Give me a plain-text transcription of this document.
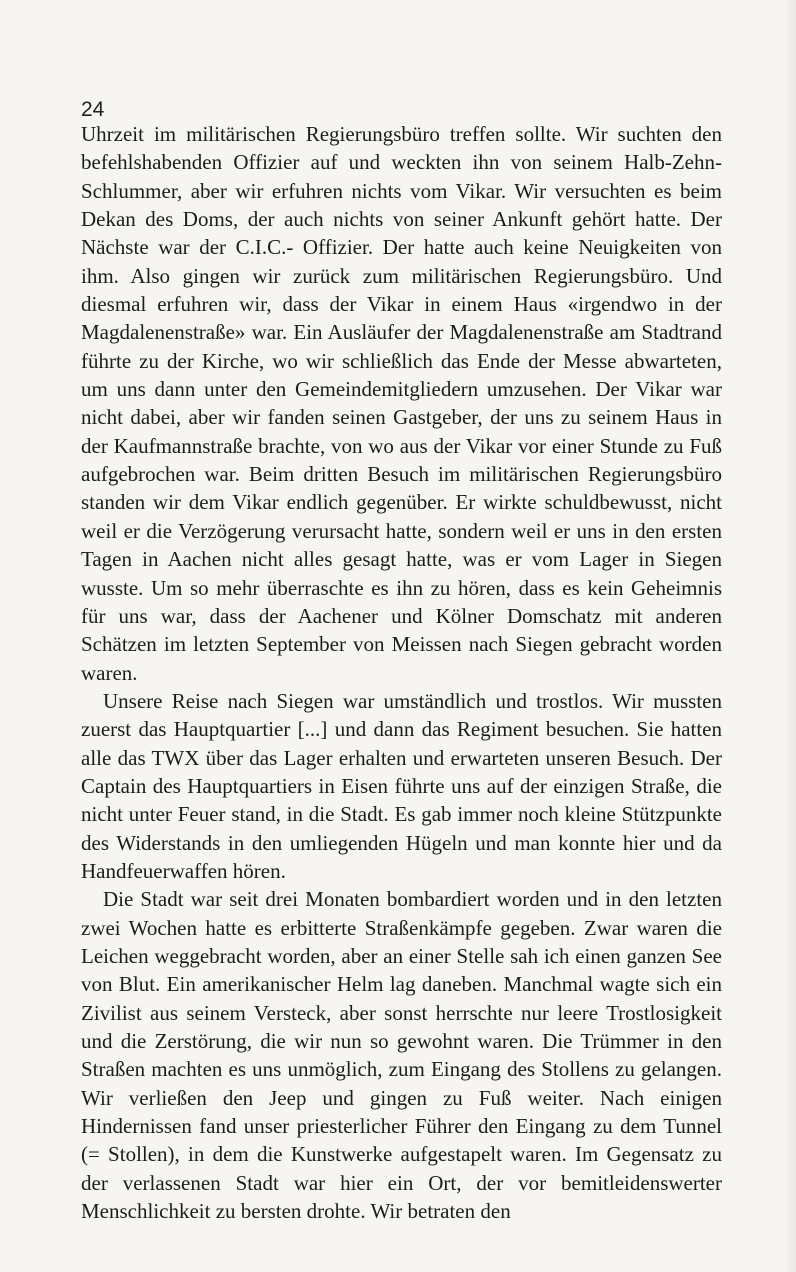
24

Uhrzeit im militärischen Regierungsbüro treffen sollte. Wir suchten den befehlshabenden Offizier auf und weckten ihn von seinem Halb-Zehn-Schlummer, aber wir erfuhren nichts vom Vikar. Wir versuchten es beim Dekan des Doms, der auch nichts von seiner Ankunft gehört hatte. Der Nächste war der C.I.C.- Offizier. Der hatte auch keine Neuigkeiten von ihm. Also gingen wir zurück zum militärischen Regierungsbüro. Und diesmal erfuhren wir, dass der Vikar in einem Haus «irgendwo in der Magdalenenstraße» war. Ein Ausläufer der Magdalenenstraße am Stadtrand führte zu der Kirche, wo wir schließlich das Ende der Messe abwarteten, um uns dann unter den Gemeindemitgliedern umzusehen. Der Vikar war nicht dabei, aber wir fanden seinen Gastgeber, der uns zu seinem Haus in der Kaufmannstraße brachte, von wo aus der Vikar vor einer Stunde zu Fuß aufgebrochen war. Beim dritten Besuch im militärischen Regierungsbüro standen wir dem Vikar endlich gegenüber. Er wirkte schuldbewusst, nicht weil er die Verzögerung verursacht hatte, sondern weil er uns in den ersten Tagen in Aachen nicht alles gesagt hatte, was er vom Lager in Siegen wusste. Um so mehr überraschte es ihn zu hören, dass es kein Geheimnis für uns war, dass der Aachener und Kölner Domschatz mit anderen Schätzen im letzten September von Meissen nach Siegen gebracht worden waren.

Unsere Reise nach Siegen war umständlich und trostlos. Wir mussten zuerst das Hauptquartier [...] und dann das Regiment besuchen. Sie hatten alle das TWX über das Lager erhalten und erwarteten unseren Besuch. Der Captain des Hauptquartiers in Eisen führte uns auf der einzigen Straße, die nicht unter Feuer stand, in die Stadt. Es gab immer noch kleine Stützpunkte des Widerstands in den umliegenden Hügeln und man konnte hier und da Handfeuerwaffen hören.

Die Stadt war seit drei Monaten bombardiert worden und in den letzten zwei Wochen hatte es erbitterte Straßenkämpfe gegeben. Zwar waren die Leichen weggebracht worden, aber an einer Stelle sah ich einen ganzen See von Blut. Ein amerikanischer Helm lag daneben. Manchmal wagte sich ein Zivilist aus seinem Versteck, aber sonst herrschte nur leere Trostlosigkeit und die Zerstörung, die wir nun so gewohnt waren. Die Trümmer in den Straßen machten es uns unmöglich, zum Eingang des Stollens zu gelangen. Wir verließen den Jeep und gingen zu Fuß weiter. Nach einigen Hindernissen fand unser priesterlicher Führer den Eingang zu dem Tunnel (= Stollen), in dem die Kunstwerke aufgestapelt waren. Im Gegensatz zu der verlassenen Stadt war hier ein Ort, der vor bemitleidenswerter Menschlichkeit zu bersten drohte. Wir betraten den
